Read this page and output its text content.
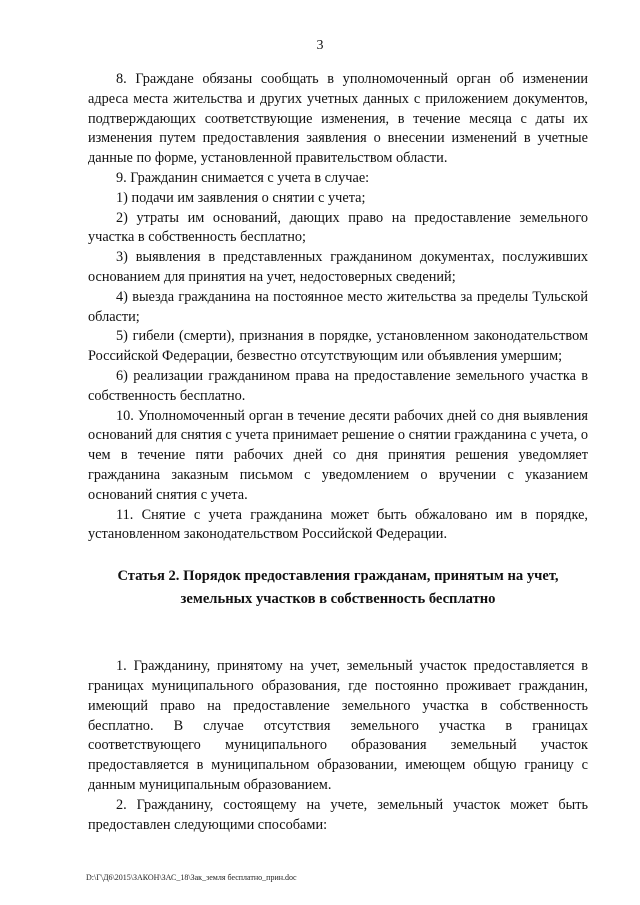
3

8. Граждане обязаны сообщать в уполномоченный орган об изменении адреса места жительства и других учетных данных с приложением документов, подтверждающих соответствующие изменения, в течение месяца с даты их изменения путем предоставления заявления о внесении изменений в учетные данные по форме, установленной правительством области.

9. Гражданин снимается с учета в случае:

1) подачи им заявления о снятии с учета;

2) утраты им оснований, дающих право на предоставление земельного участка в собственность бесплатно;

3) выявления в представленных гражданином документах, послуживших основанием для принятия на учет, недостоверных сведений;

4) выезда гражданина на постоянное место жительства за пределы Тульской области;

5) гибели (смерти), признания в порядке, установленном законодательством Российской Федерации, безвестно отсутствующим или объявления умершим;

6) реализации гражданином права на предоставление земельного участка в собственность бесплатно.

10. Уполномоченный орган в течение десяти рабочих дней со дня выявления оснований для снятия с учета принимает решение о снятии гражданина с учета, о чем в течение пяти рабочих дней со дня принятия решения уведомляет гражданина заказным письмом с уведомлением о вручении с указанием оснований снятия с учета.

11. Снятие с учета гражданина может быть обжаловано им в порядке, установленном законодательством Российской Федерации.

Статья 2. Порядок предоставления гражданам, принятым на учет, земельных участков в собственность бесплатно

1. Гражданину, принятому на учет, земельный участок предоставляется в границах муниципального образования, где постоянно проживает гражданин, имеющий право на предоставление земельного участка в собственность бесплатно. В случае отсутствия земельного участка в границах соответствующего муниципального образования земельный участок предоставляется в муниципальном образовании, имеющем общую границу с данным муниципальным образованием.

2. Гражданину, состоящему на учете, земельный участок может быть предоставлен следующими способами:

D:\Г\Д6\2015\ЗАКОН\ЗАС_18\Зак_земля бесплатно_прин.doc
